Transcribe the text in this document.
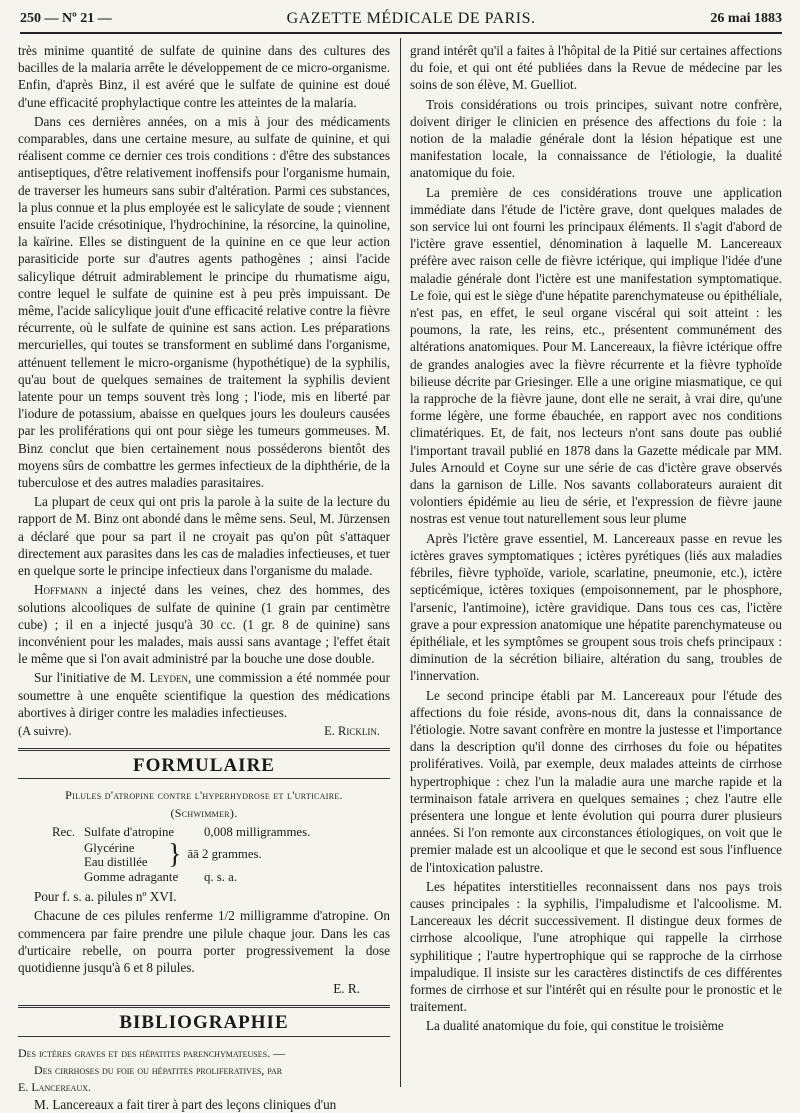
250 — Nº 21 —	GAZETTE MÉDICALE DE PARIS.	26 mai 1883

très minime quantité de sulfate de quinine dans des cultures des bacilles de la malaria arrête le développement de ce micro-organisme. Enfin, d'après Binz, il est avéré que le sulfate de quinine est doué d'une efficacité prophylactique contre les atteintes de la malaria.

Dans ces dernières années, on a mis à jour des médicaments comparables, dans une certaine mesure, au sulfate de quinine, et qui réalisent comme ce dernier ces trois conditions : d'être des substances antiseptiques, d'être relativement inoffensifs pour l'organisme humain, de traverser les humeurs sans subir d'altération. Parmi ces substances, la plus connue et la plus employée est le salicylate de soude ; viennent ensuite l'acide crésotinique, l'hydrochinine, la résorcine, la quinoline, la kaïrine. Elles se distinguent de la quinine en ce que leur action parasiticide porte sur d'autres agents pathogènes ; ainsi l'acide salicylique détruit admirablement le principe du rhumatisme aigu, contre lequel le sulfate de quinine est à peu près impuissant. De même, l'acide salicylique jouit d'une efficacité relative contre la fièvre récurrente, où le sulfate de quinine est sans action. Les préparations mercurielles, qui toutes se transforment en sublimé dans l'organisme, atténuent tellement le micro-organisme (hypothétique) de la syphilis, qu'au bout de quelques semaines de traitement la syphilis devient latente pour un temps souvent très long ; l'iode, mis en liberté par l'iodure de potassium, abaisse en quelques jours les douleurs causées par les proliférations qui ont pour siège les tumeurs gommeuses. M. Binz conclut que bien certainement nous posséderons bientôt des moyens sûrs de combattre les germes infectieux de la diphthérie, de la tuberculose et des autres maladies parasitaires.

La plupart de ceux qui ont pris la parole à la suite de la lecture du rapport de M. Binz ont abondé dans le même sens. Seul, M. Jürzensen a déclaré que pour sa part il ne croyait pas qu'on pût s'attaquer directement aux parasites dans les cas de maladies infectieuses, et tuer en quelque sorte le principe infectieux dans l'organisme du malade.

Hoffmann a injecté dans les veines, chez des hommes, des solutions alcooliques de sulfate de quinine (1 grain par centimètre cube) ; il en a injecté jusqu'à 30 cc. (1 gr. 8 de quinine) sans inconvénient pour les malades, mais aussi sans avantage ; l'effet était le même que si l'on avait administré par la bouche une dose double.

Sur l'initiative de M. Leyden, une commission a été nommée pour soumettre à une enquête scientifique la question des médications abortives à diriger contre les maladies infectieuses.

(A suivre).	E. Ricklin.
FORMULAIRE
Pilules d'atropine contre l'hyperhydrose et l'urticaire.
(Schwimmer).
Rec. Sulfate d'atropine	0,008 milligrammes.
Glycérine
Eau distillée } āā 2 grammes.
Gomme adragante	q. s. a.

Pour f. s. a. pilules nº XVI.

Chacune de ces pilules renferme 1/2 milligramme d'atropine. On commencera par faire prendre une pilule chaque jour. Dans les cas d'urticaire rebelle, on pourra porter progressivement la dose quotidienne jusqu'à 6 et 8 pilules.

E. R.
BIBLIOGRAPHIE

Des ictères graves et des hépatites parenchymateuses. —

Des cirrhoses du foie ou hépatites proliferatives, par

E. Lancereaux.

M. Lancereaux a fait tirer à part des leçons cliniques d'un

grand intérêt qu'il a faites à l'hôpital de la Pitié sur certaines affections du foie, et qui ont été publiées dans la Revue de médecine par les soins de son élève, M. Guelliot.

Trois considérations ou trois principes, suivant notre confrère, doivent diriger le clinicien en présence des affections du foie : la notion de la maladie générale dont la lésion hépatique est une manifestation locale, la connaissance de l'étiologie, la dualité anatomique du foie.

La première de ces considérations trouve une application immédiate dans l'étude de l'ictère grave, dont quelques malades de son service lui ont fourni les principaux éléments. Il s'agit d'abord de l'ictère grave essentiel, dénomination à laquelle M. Lancereaux préfère avec raison celle de fièvre ictérique, qui implique l'idée d'une maladie générale dont l'ictère est une manifestation symptomatique. Le foie, qui est le siège d'une hépatite parenchymateuse ou épithéliale, n'est pas, en effet, le seul organe viscéral qui soit atteint : les poumons, la rate, les reins, etc., présentent communément des altérations anatomiques. Pour M. Lancereaux, la fièvre ictérique offre de grandes analogies avec la fièvre récurrente et la fièvre typhoïde bilieuse décrite par Griesinger. Elle a une origine miasmatique, ce qui la rapproche de la fièvre jaune, dont elle ne serait, à vrai dire, qu'une forme légère, une forme ébauchée, en rapport avec nos conditions climatériques. Et, de fait, nos lecteurs n'ont sans doute pas oublié l'important travail publié en 1878 dans la Gazette médicale par MM. Jules Arnould et Coyne sur une série de cas d'ictère grave observés dans la garnison de Lille. Nos savants collaborateurs auraient dit volontiers épidémie au lieu de série, et l'expression de fièvre jaune nostras est venue tout naturellement sous leur plume

Après l'ictère grave essentiel, M. Lancereaux passe en revue les ictères graves symptomatiques ; ictères pyrétiques (liés aux maladies fébriles, fièvre typhoïde, variole, scarlatine, pneumonie, etc.), ictère septicémique, ictères toxiques (empoisonnement, par le phosphore, l'arsenic, l'antimoine), ictère gravidique. Dans tous ces cas, l'ictère grave a pour expression anatomique une hépatite parenchymateuse ou épithéliale, et les symptômes se groupent sous trois chefs principaux : diminution de la sécrétion biliaire, altération du sang, troubles de l'innervation.

Le second principe établi par M. Lancereaux pour l'étude des affections du foie réside, avons-nous dit, dans la connaissance de l'étiologie. Notre savant confrère en montre la justesse et l'importance dans la description qu'il donne des cirrhoses du foie ou hépatites prolifératives. Voilà, par exemple, deux malades atteints de cirrhose hypertrophique : chez l'un la maladie aura une marche rapide et la terminaison fatale arrivera en quelques semaines ; chez l'autre elle présentera une longue et lente évolution qui pourra durer plusieurs années. Si l'on remonte aux circonstances étiologiques, on voit que le premier malade est un alcoolique et que le second est sous l'influence de l'intoxication palustre.

Les hépatites interstitielles reconnaissent dans nos pays trois causes principales : la syphilis, l'impaludisme et l'alcoolisme. M. Lancereaux les décrit successivement. Il distingue deux formes de cirrhose alcoolique, l'une atrophique qui rappelle la cirrhose syphilitique ; l'autre hypertrophique qui se rapproche de la cirrhose impaludique. Il insiste sur les caractères distinctifs de ces différentes formes de cirrhose et sur l'intérêt qui en résulte pour le pronostic et le traitement.

La dualité anatomique du foie, qui constitue le troisième
